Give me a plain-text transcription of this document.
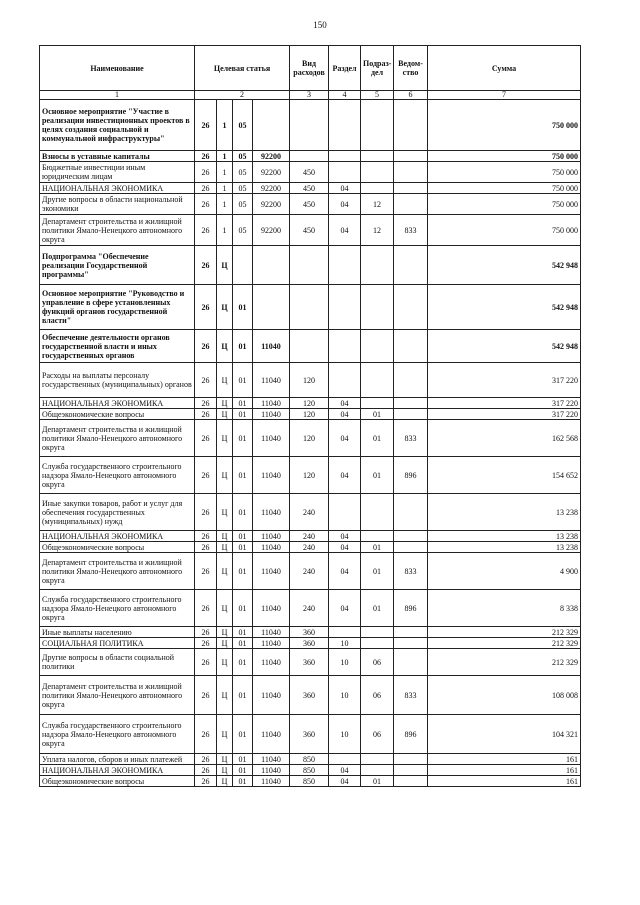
150
Наименование	Целевая статья				Вид расходов	Раздел	Подраз-дел	Ведом-ство	Сумма
1	2				3	4	5	6	7
Основное мероприятие "Участие в реализации инвестиционных проектов в целях создания социальной и коммунальной инфраструктуры"	26	1	05						750 000
Взносы в уставные капиталы	26	1	05	92200					750 000
Бюджетные инвестиции иным юридическим лицам	26	1	05	92200	450				750 000
НАЦИОНАЛЬНАЯ ЭКОНОМИКА	26	1	05	92200	450	04			750 000
Другие вопросы в области национальной экономики	26	1	05	92200	450	04	12		750 000
Департамент строительства и жилищной политики Ямало-Ненецкого автономного округа	26	1	05	92200	450	04	12	833	750 000
Подпрограмма "Обеспечение реализации Государственной программы"	26	Ц							542 948
Основное мероприятие "Руководство и управление в сфере установленных функций органов государственной власти"	26	Ц	01						542 948
Обеспечение деятельности органов государственной власти и иных государственных органов	26	Ц	01	11040					542 948
Расходы на выплаты персоналу государственных (муниципальных) органов	26	Ц	01	11040	120				317 220
НАЦИОНАЛЬНАЯ ЭКОНОМИКА	26	Ц	01	11040	120	04			317 220
Общеэкономические вопросы	26	Ц	01	11040	120	04	01		317 220
Департамент строительства и жилищной политики Ямало-Ненецкого автономного округа	26	Ц	01	11040	120	04	01	833	162 568
Служба государственного строительного надзора Ямало-Ненецкого автономного округа	26	Ц	01	11040	120	04	01	896	154 652
Иные закупки товаров, работ и услуг для обеспечения государственных (муниципальных) нужд	26	Ц	01	11040	240				13 238
НАЦИОНАЛЬНАЯ ЭКОНОМИКА	26	Ц	01	11040	240	04			13 238
Общеэкономические вопросы	26	Ц	01	11040	240	04	01		13 238
Департамент строительства и жилищной политики Ямало-Ненецкого автономного округа	26	Ц	01	11040	240	04	01	833	4 900
Служба государственного строительного надзора Ямало-Ненецкого автономного округа	26	Ц	01	11040	240	04	01	896	8 338
Иные выплаты населению	26	Ц	01	11040	360				212 329
СОЦИАЛЬНАЯ ПОЛИТИКА	26	Ц	01	11040	360	10			212 329
Другие вопросы в области социальной политики	26	Ц	01	11040	360	10	06		212 329
Департамент строительства и жилищной политики Ямало-Ненецкого автономного округа	26	Ц	01	11040	360	10	06	833	108 008
Служба государственного строительного надзора Ямало-Ненецкого автономного округа	26	Ц	01	11040	360	10	06	896	104 321
Уплата налогов, сборов и иных платежей	26	Ц	01	11040	850				161
НАЦИОНАЛЬНАЯ ЭКОНОМИКА	26	Ц	01	11040	850	04			161
Общеэкономические вопросы	26	Ц	01	11040	850	04	01		161
